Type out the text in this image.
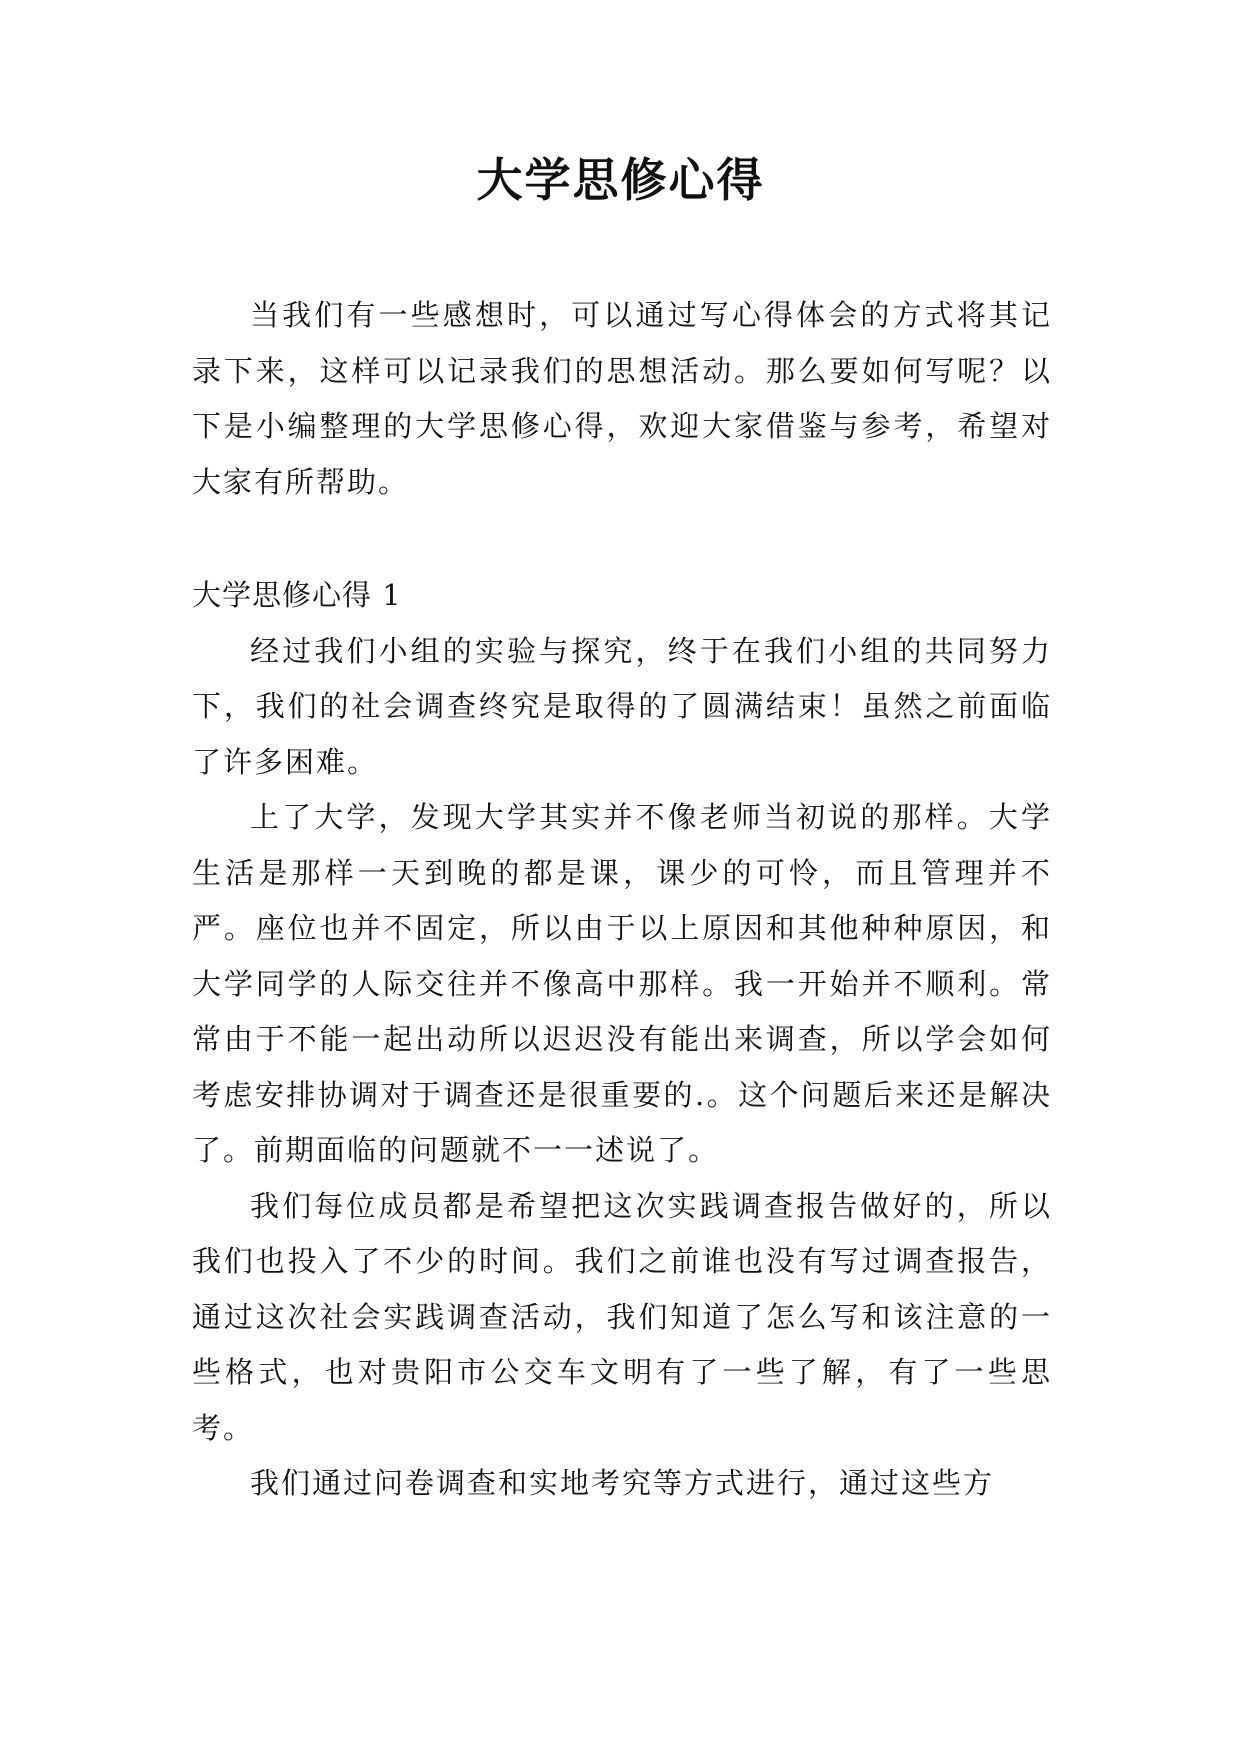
大学思修心得

当我们有一些感想时，可以通过写心得体会的方式将其记录下来，这样可以记录我们的思想活动。那么要如何写呢？以下是小编整理的大学思修心得，欢迎大家借鉴与参考，希望对大家有所帮助。

大学思修心得 1

经过我们小组的实验与探究，终于在我们小组的共同努力下，我们的社会调查终究是取得的了圆满结束！虽然之前面临了许多困难。

上了大学，发现大学其实并不像老师当初说的那样。大学生活是那样一天到晚的都是课，课少的可怜，而且管理并不严。座位也并不固定，所以由于以上原因和其他种种原因，和大学同学的人际交往并不像高中那样。我一开始并不顺利。常常由于不能一起出动所以迟迟没有能出来调查，所以学会如何考虑安排协调对于调查还是很重要的.。这个问题后来还是解决了。前期面临的问题就不一一述说了。

我们每位成员都是希望把这次实践调查报告做好的，所以我们也投入了不少的时间。我们之前谁也没有写过调查报告，通过这次社会实践调查活动，我们知道了怎么写和该注意的一些格式，也对贵阳市公交车文明有了一些了解，有了一些思考。

我们通过问卷调查和实地考究等方式进行，通过这些方
